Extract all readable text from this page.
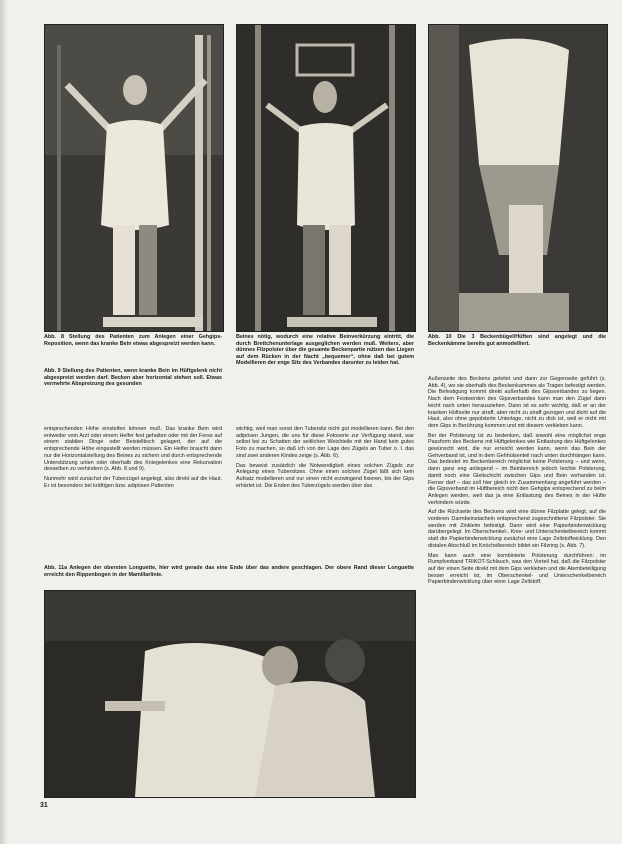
Abb. 8 Stellung des Patienten zum Anlegen einer Gehgips-Reposition, wenn das kranke Bein etwas abgespreizt werden kann.

Abb. 9 Stellung des Patienten, wenn kranke Bein im Hüftgelenk nicht abgespreizt werden darf. Becken aber horizontal stehen soll. Etwas vermehrte Abspreizung des gesunden

Beines nötig, wodurch eine relative Beinverkürzung eintritt, die durch Brettchenunterlage ausgeglichen werden muß. Weiters, aber dünnes Filzpolster über die gesamte Beckenpartie nützen das Liegen auf dem Rücken in der Nacht „bequemer“, ohne daß bei gutem Modellieren der enge Sitz des Verbandes darunter zu leiden hat.

Abb. 10 Die 3 Beckenbügel/Hüften sind angelegt und die Beckenkämme bereits gut anmodelliert.

Abb. 11a Anlegen der obersten Longuette, hier wird gerade das eine Ende über das andere geschlagen. Der obere Rand dieser Longuette erreicht den Rippenbogen in der Mamillarlinie.

entsprechenden Höhe einsteifen können muß. Das kranke Bein wird entweder vom Arzt oder einem Helfer fest gehalten oder mit der Ferse auf einem stabilen Dinge oder Beistelltisch gelagert, der auf die entsprechende Höhe eingestellt werden müssen. Ein Helfer braucht dann nur die Horizontalstellung des Beines zu sichern und durch entsprechende Unterstützung unten oder oberhalb des Kniegelenkes eine Rekurvation desselben zu verhindern (s. Abb. 8 und 9).

Nunmehr wird zunächst der Tuberzügel angelegt, also direkt auf die Haut. Er ist besonders bei kräftigen bzw. adipösen Patienten

wichtig, weil man sonst den Tubersitz nicht gut modellieren kann. Bei den adipösen Jungen, die uns für diese Fotoserie zur Verfügung stand, war selbst bei zu Schatten der seitlichen Weichteile mit der Hand kein gutes Foto zu machen, so daß ich von der Lage des Zügels an Tuber o. I. das sind zwei anderen Kindes zeige (s. Abb. 6).

Das beweist zusätzlich die Notwendigkeit eines solchen Zügels zur Anlegung eines Tubersitzes. Ohne einen solchen Zügel läßt sich kein Aufsatz modellieren und nur einen nicht erzwingend fixieren, bis der Gips erhärtet ist. Die Enden des Tuberzügels werden über das

Außenseite des Beckens geleitet und dann zur Gegenseite geführt (s. Abb. 4), wo sie oberhalb des Beckenkammes als Tragen befestigt werden. Die Befestigung kommt direkt außerhalb des Gipsverbandes zu liegen. Nach dem Festwerden des Gipsverbandes kann man den Zügel dann leicht nach unten herausziehen. Dann ist es sehr wichtig, daß er an der kranken Hüftseite nur straff, aber nicht zu straff gezogen und dicht auf die Haut, also ohne gepolsterte Unterlage, nicht zu dick ist, weil er nicht mit dem Gips in Berührung kommen und mit diesem verkleben kann.

Bei der Polsterung ist zu bedenken, daß sowohl eine möglichst enge Passform des Beckens mit Hüftgelenkes wie Entlastung des Hüftgelenkes gewünscht wird, die nur erreicht werden kann, wenn das Bein der Gehverband ist, und in dem Gehhülsenteil nach unten durchhängen kann. Das bedeutet im Beckenbereich möglichst keine Polsterung – und wenn, dann ganz eng anliegend – im Beinbereich jedoch leichte Polsterung, damit noch eine Gleitschicht zwischen Gips und Bein vorhanden ist. Ferner darf – das soll hier gleich im Zusammenhang angeführt werden – die Gipsverband im Hüftbereich nicht den Gehgips entsprechend zu beim Anlegen werden, weil das ja eine Entlastung des Beines in der Hüfte verhindern würde.

Auf die Rückseite des Beckens wird eine dünne Filzplatte gelegt, auf die vorderen Darmbeinstacheln entsprechend zugeschnittene Filzpolster. Sie werden mit Zinkleim befestigt. Dann wird eine Papierbindenwicklung darübergelegt. Im Oberschenkel-, Knie- und Unterschenkelbereich kommt statt die Papierbindenwicklung zunächst eine Lage Zellstoffwicklung. Den distalen Abschluß im Knöchelbereich bildet ein Filzring (s. Abb. 7).

Man kann auch eine kombinierte Polsterung durchführen: im Rumpfverband TRIKOT-Schlauch, was den Vorteil hat, daß die Filzpolster auf der einen Seite direkt mit dem Gips verkleben und die Atembeteiligung besser erreicht ist, im Oberschenkel- und Unterschenkelbereich Papierbindenwicklung über einer Lage Zellstoff.

31
